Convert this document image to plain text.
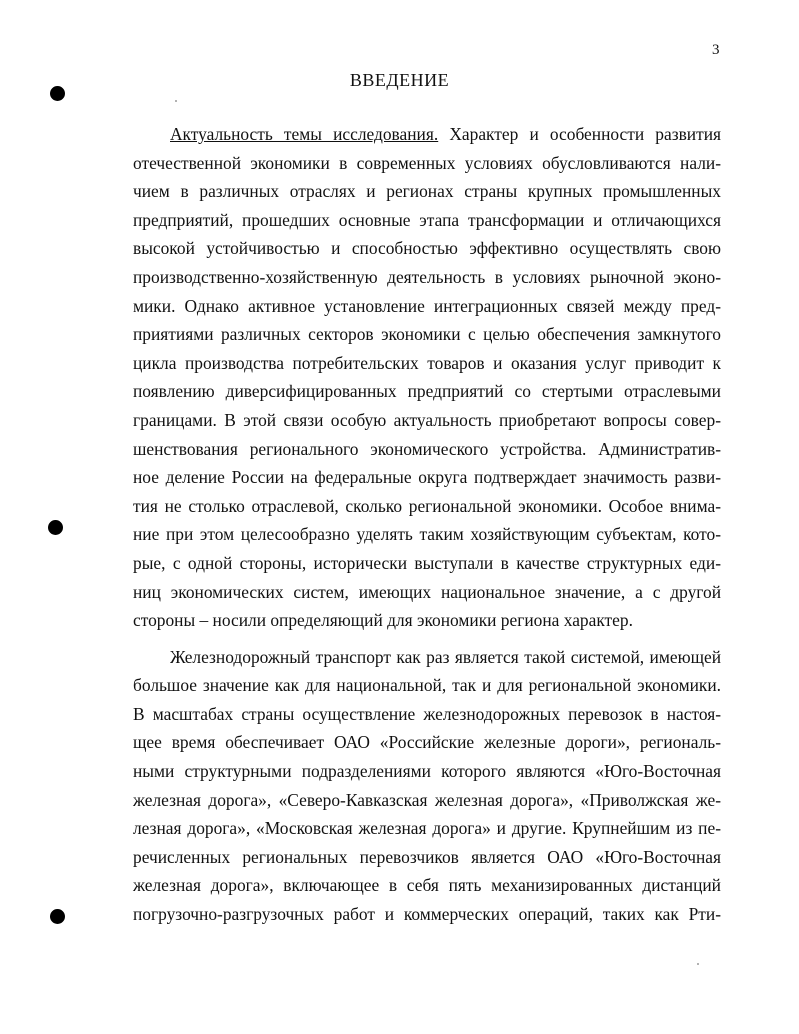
3
ВВЕДЕНИЕ
Актуальность темы исследования. Характер и особенности развития
отечественной экономики в современных условиях обусловливаются нали-
чием в различных отраслях и регионах страны крупных промышленных
предприятий, прошедших основные этапа трансформации и отличающихся
высокой устойчивостью и способностью эффективно осуществлять свою
производственно-хозяйственную деятельность в условиях рыночной эконо-
мики. Однако активное установление интеграционных связей между пред-
приятиями различных секторов экономики с целью обеспечения замкнутого
цикла производства потребительских товаров и оказания услуг приводит к
появлению диверсифицированных предприятий со стертыми отраслевыми
границами. В этой связи особую актуальность приобретают вопросы совер-
шенствования регионального экономического устройства. Административ-
ное деление России на федеральные округа подтверждает значимость разви-
тия не столько отраслевой, сколько региональной экономики. Особое внима-
ние при этом целесообразно уделять таким хозяйствующим субъектам, кото-
рые, с одной стороны, исторически выступали в качестве структурных еди-
ниц экономических систем, имеющих национальное значение, а с другой
стороны – носили определяющий для экономики региона характер.
Железнодорожный транспорт как раз является такой системой, имеющей
большое значение как для национальной, так и для региональной экономики.
В масштабах страны осуществление железнодорожных перевозок в настоя-
щее время обеспечивает ОАО «Российские железные дороги», региональ-
ными структурными подразделениями которого являются «Юго-Восточная
железная дорога», «Северо-Кавказская железная дорога», «Приволжская же-
лезная дорога», «Московская железная дорога» и другие. Крупнейшим из пе-
речисленных региональных перевозчиков является ОАО «Юго-Восточная
железная дорога», включающее в себя пять механизированных дистанций
погрузочно-разгрузочных работ и коммерческих операций, таких как Рти-
